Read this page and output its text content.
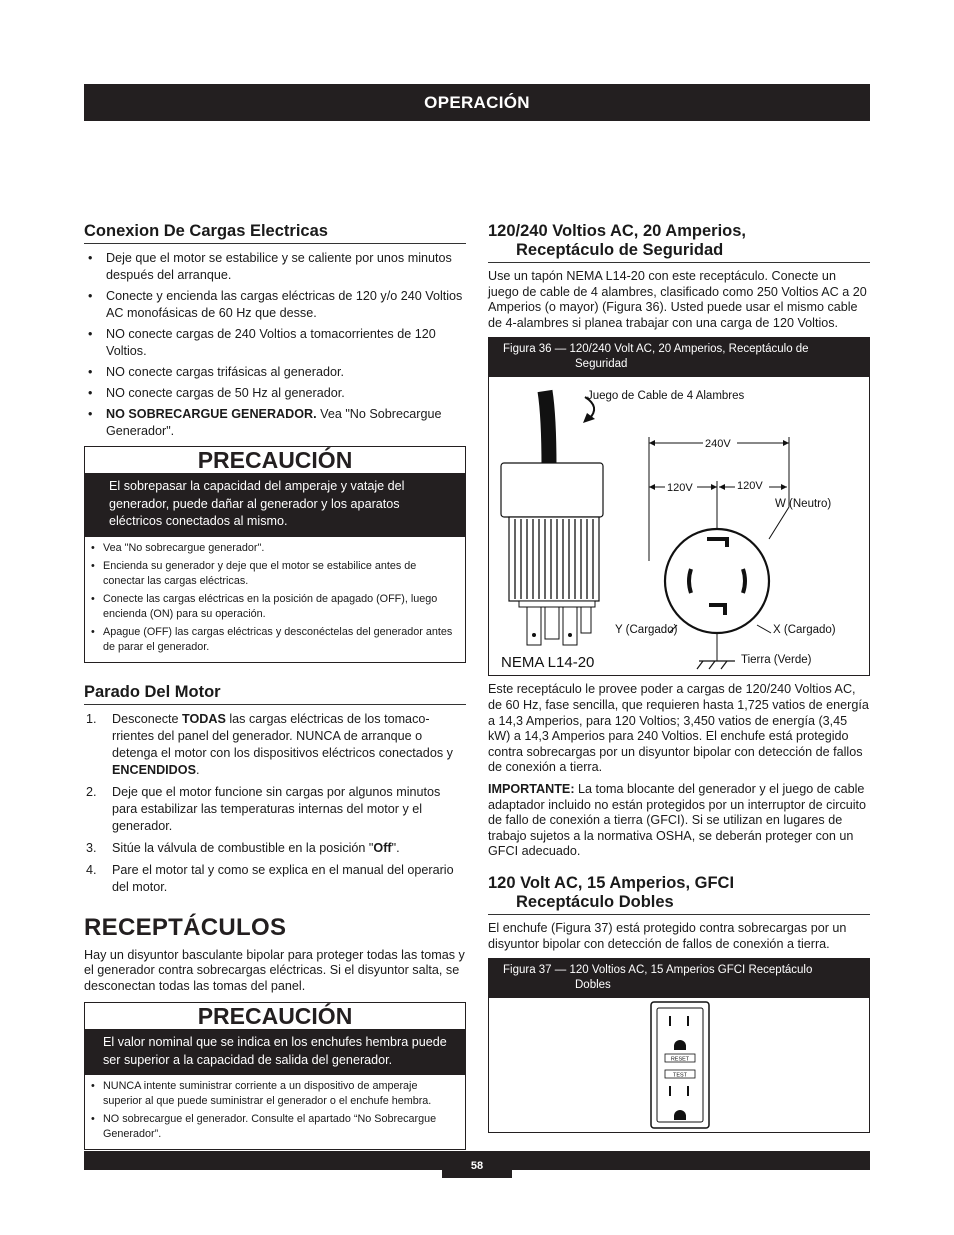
OPERACIÓN
Conexion De Cargas Electricas
• Deje que el motor se estabilice y se caliente por unos minutos después del arranque.
• Conecte y encienda las cargas eléctricas de 120 y/o 240 Voltios AC monofásicas de 60 Hz que desse.
• NO conecte cargas de 240 Voltios a tomacorrientes de 120 Voltios.
• NO conecte cargas trifásicas al generador.
• NO conecte cargas de 50 Hz al generador.
• NO SOBRECARGUE GENERADOR. Vea "No Sobrecargue Generador".
PRECAUCIÓN
El sobrepasar la capacidad del amperaje y vataje del generador, puede dañar al generador y los aparatos eléctricos conectados al mismo.
• Vea "No sobrecargue generador".
• Encienda su generador y deje que el motor se estabilice antes de conectar las cargas eléctricas.
• Conecte las cargas eléctricas en la posición de apagado (OFF), luego encienda (ON) para su operación.
• Apague (OFF) las cargas eléctricas y desconéctelas del generador antes de parar el generador.
Parado Del Motor
1. Desconecte TODAS las cargas eléctricas de los tomaco-rrientes del panel del generador. NUNCA de arranque o detenga el motor con los dispositivos eléctricos conectados y ENCENDIDOS.
2. Deje que el motor funcione sin cargas por algunos minutos para estabilizar las temperaturas internas del motor y el generador.
3. Sitúe la válvula de combustible en la posición "Off".
4. Pare el motor tal y como se explica en el manual del operario del motor.
RECEPTÁCULOS

Hay un disyuntor basculante bipolar para proteger todas las tomas y el generador contra sobrecargas eléctricas. Si el disyuntor salta, se desconectan todas las tomas del panel.

PRECAUCIÓN
El valor nominal que se indica en los enchufes hembra puede ser superior a la capacidad de salida del generador.
• NUNCA intente suministrar corriente a un dispositivo de amperaje superior al que puede suministrar el generador o el enchufe hembra.
• NO sobrecargue el generador. Consulte el apartado “No Sobrecargue Generador”.
120/240 Voltios AC, 20 Amperios,
Receptáculo de Seguridad

Use un tapón NEMA L14-20 con este receptáculo. Conecte un juego de cable de 4 alambres, clasificado como 250 Voltios AC a 20 Amperios (o mayor) (Figura 36). Usted puede usar el mismo cable de 4-alambres si planea trabajar con una carga de 120 Voltios.

Figura 36 — 120/240 Volt AC, 20 Amperios, Receptáculo de
Seguridad
Juego de Cable de 4 Alambres
NEMA L14-20
240V
120V	120V
W (Neutro)
Y (Cargado)	X (Cargado)
Tierra (Verde)

Este receptáculo le provee poder a cargas de 120/240 Voltios AC, de 60 Hz, fase sencilla, que requieren hasta 1,725 vatios de energía a 14,3 Amperios, para 120 Voltios; 3,450 vatios de energía (3,45 kW) a 14,3 Amperios para 240 Voltios. El enchufe está protegido contra sobrecargas por un disyuntor bipolar con detección de fallos de conexión a tierra.

IMPORTANTE: La toma blocante del generador y el juego de cable adaptador incluido no están protegidos por un interruptor de circuito de fallo de conexión a tierra (GFCI). Si se utilizan en lugares de trabajo sujetos a la normativa OSHA, se deberán proteger con un GFCI adecuado.

120 Volt AC, 15 Amperios, GFCI
Receptáculo Dobles

El enchufe (Figura 37) está protegido contra sobrecargas por un disyuntor bipolar con detección de fallos de conexión a tierra.

Figura 37 — 120 Voltios AC, 15 Amperios GFCI Receptáculo
Dobles
RESET
TEST
58
